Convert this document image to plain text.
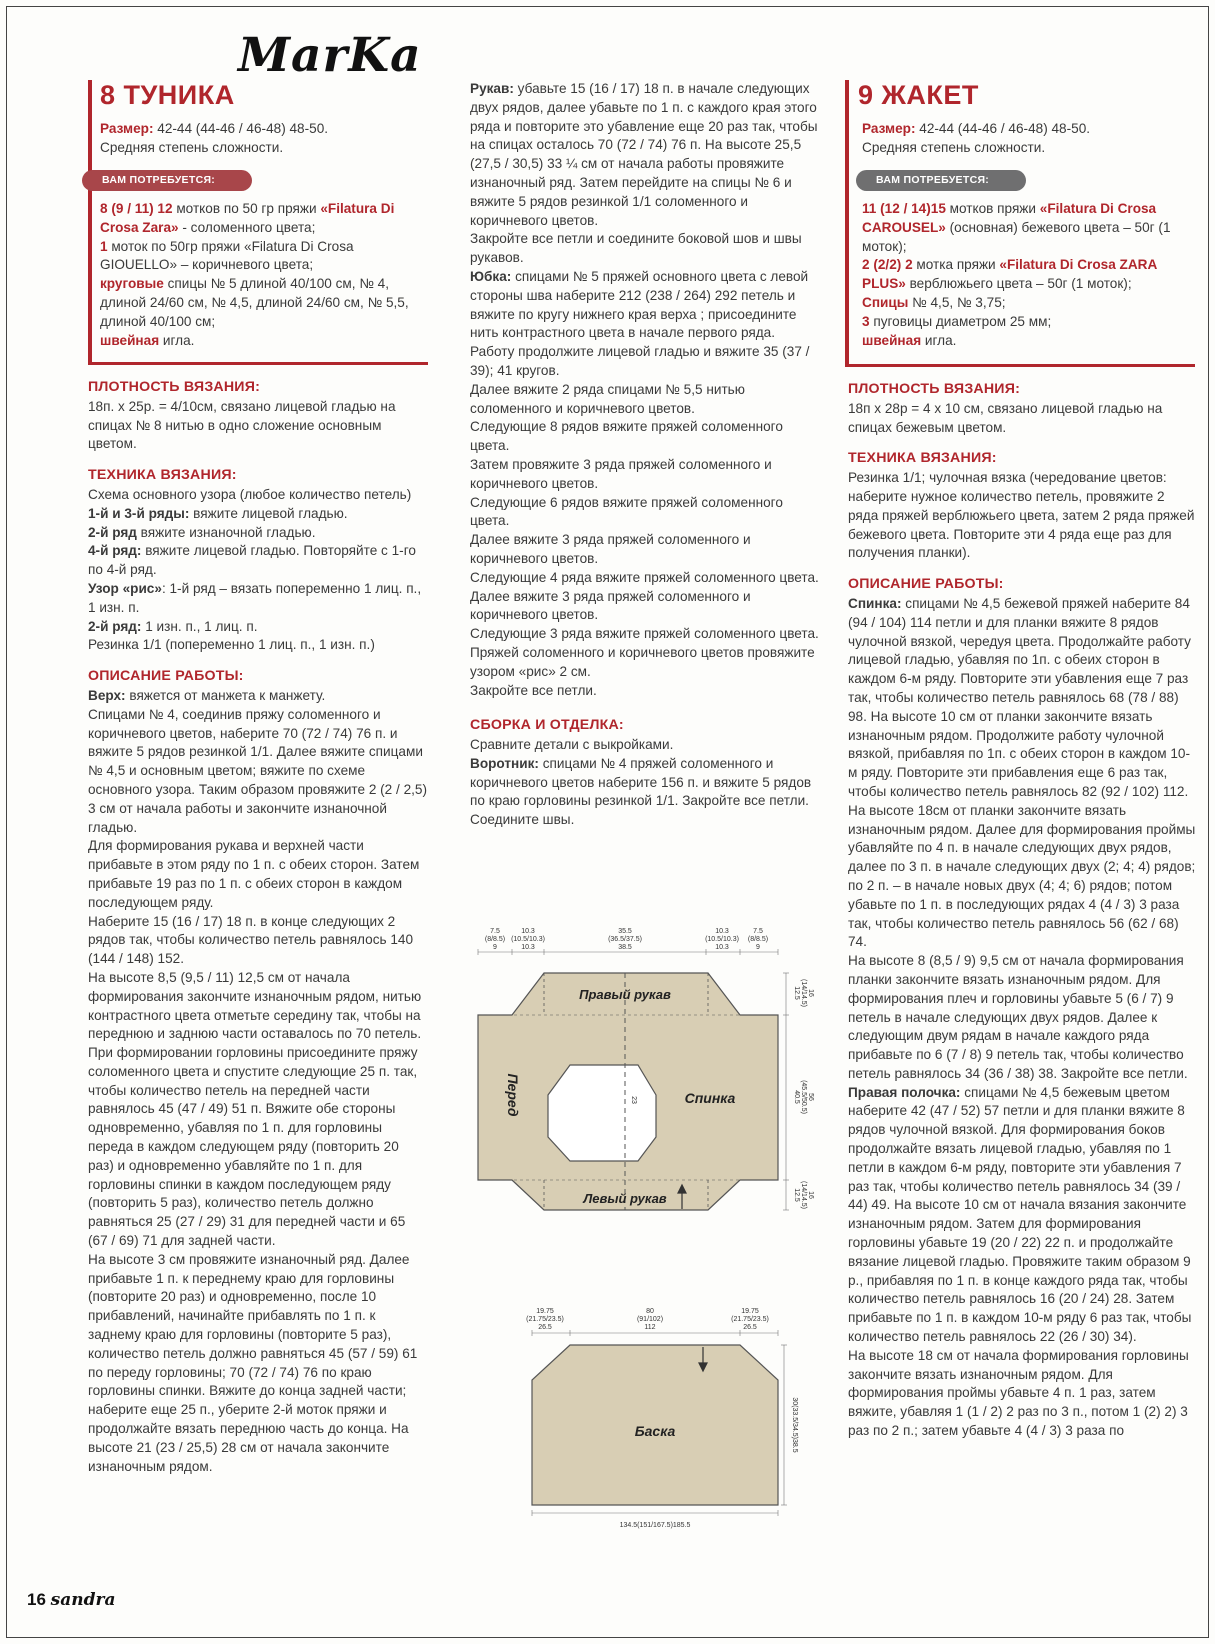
MarKa
8 ТУНИКА

Размер: 42-44 (44-46 / 46-48) 48-50.

Средняя степень сложности.

ВАМ ПОТРЕБУЕТСЯ:

8 (9 / 11) 12 мотков по 50 гр пряжи «Filatura Di Crosa Zara» - соломенного цвета;

1 моток по 50гр пряжи «Filatura Di Crosa GIOUELLO» – коричневого цвета;

круговые спицы № 5 длиной 40/100 см, № 4, длиной 24/60 см, № 4,5, длиной 24/60 см, № 5,5, длиной 40/100 см;

швейная игла.

ПЛОТНОСТЬ ВЯЗАНИЯ:

18п. х 25р. = 4/10см, связано лицевой гладью на спицах № 8 нитью в одно сложение основным цветом.

ТЕХНИКА ВЯЗАНИЯ:

Схема основного узора (любое количество петель)

1-й и 3-й ряды: вяжите лицевой гладью.

2-й ряд вяжите изнаночной гладью.

4-й ряд: вяжите лицевой гладью. Повторяйте с 1-го по 4-й ряд.

Узор «рис»: 1-й ряд – вязать попеременно 1 лиц. п., 1 изн. п.

2-й ряд: 1 изн. п., 1 лиц. п.

Резинка 1/1 (попеременно 1 лиц. п., 1 изн. п.)

ОПИСАНИЕ РАБОТЫ:

Верх: вяжется от манжета к манжету.

Спицами № 4, соединив пряжу соломенного и коричневого цветов, наберите 70 (72 / 74) 76 п. и вяжите 5 рядов резинкой 1/1. Далее вяжите спицами № 4,5 и основным цветом; вяжите по схеме основного узора. Таким образом провяжите 2 (2 / 2,5) 3 см от начала работы и закончите изнаночной гладью.

Для формирования рукава и верхней части прибавьте в этом ряду по 1 п. с обеих сторон. Затем прибавьте 19 раз по 1 п. с обеих сторон в каждом последующем ряду.

Наберите 15 (16 / 17) 18 п. в конце следующих 2 рядов так, чтобы количество петель равнялось 140 (144 / 148) 152.

На высоте 8,5 (9,5 / 11) 12,5 см от начала формирования закончите изнаночным рядом, нитью контрастного цвета отметьте середину так, чтобы на переднюю и заднюю части оставалось по 70 петель.

При формировании горловины присоедините пряжу соломенного цвета и спустите следующие 25 п. так, чтобы количество петель на передней части равнялось 45 (47 / 49) 51 п. Вяжите обе стороны одновременно, убавляя по 1 п. для горловины переда в каждом следующем ряду (повторить 20 раз) и одновременно убавляйте по 1 п. для горловины спинки в каждом последующем ряду (повторить 5 раз), количество петель должно равняться 25 (27 / 29) 31 для передней части и 65 (67 / 69) 71 для задней части.

На высоте 3 см провяжите изнаночный ряд. Далее прибавьте 1 п. к переднему краю для горловины (повторите 20 раз) и одновременно, после 10 прибавлений, начинайте прибавлять по 1 п. к заднему краю для горловины (повторите 5 раз), количество петель должно равняться 45 (57 / 59) 61 по переду горловины; 70 (72 / 74) 76 по краю горловины спинки. Вяжите до конца задней части; наберите еще 25 п., уберите 2-й моток пряжи и продолжайте вязать переднюю часть до конца. На высоте 21 (23 / 25,5) 28 см от начала закончите изнаночным рядом.

Рукав: убавьте 15 (16 / 17) 18 п. в начале следующих двух рядов, далее убавьте по 1 п. с каждого края этого ряда и повторите это убавление еще 20 раз так, чтобы на спицах осталось 70 (72 / 74) 76 п. На высоте 25,5 (27,5 / 30,5) 33 ¼ см от начала работы провяжите изнаночный ряд. Затем перейдите на спицы № 6 и вяжите 5 рядов резинкой 1/1 соломенного и коричневого цветов.

Закройте все петли и соедините боковой шов и швы рукавов.

Юбка: спицами № 5 пряжей основного цвета с левой стороны шва наберите 212 (238 / 264) 292 петель и вяжите по кругу нижнего края верха ; присоедините нить контрастного цвета в начале первого ряда.

Работу продолжите лицевой гладью и вяжите 35 (37 / 39); 41 кругов.

Далее вяжите 2 ряда спицами № 5,5 нитью соломенного и коричневого цветов.

Следующие 8 рядов вяжите пряжей соломенного цвета.

Затем провяжите 3 ряда пряжей соломенного и коричневого цветов.

Следующие 6 рядов вяжите пряжей соломенного цвета.

Далее вяжите 3 ряда пряжей соломенного и коричневого цветов.

Следующие 4 ряда вяжите пряжей соломенного цвета.

Далее вяжите 3 ряда пряжей соломенного и коричневого цветов.

Следующие 3 ряда вяжите пряжей соломенного цвета.

Пряжей соломенного и коричневого цветов провяжите узором «рис» 2 см.

Закройте все петли.

СБОРКА И ОТДЕЛКА:

Сравните детали с выкройками.

Воротник: спицами № 4 пряжей соломенного и коричневого цветов наберите 156 п. и вяжите 5 рядов по краю горловины резинкой 1/1. Закройте все петли. Соедините швы.

7.5
(8/8.5)
9
10.3
(10.5/10.3)
10.3
35.5
(36.5/37.5)
38.5
10.3
(10.5/10.3)
10.3
7.5
(8/8.5)
9
Правый рукав
Левый рукав
Перед	Спинка
23
12.5 (14/14.5) 16
40.5 (45.5/50.5) 56
12.5 (14/14.5) 16
19.75
(21.75/23.5)
26.5
80
(91/102)
112
19.75
(21.75/23.5)
26.5
Баска	30(33.5/34.5)38.5
134.5(151/167.5)185.5
9 ЖАКЕТ

Размер: 42-44 (44-46 / 46-48) 48-50.

Средняя степень сложности.

ВАМ ПОТРЕБУЕТСЯ:

11 (12 / 14)15 мотков пряжи «Filatura Di Crosa CAROUSEL» (основная) бежевого цвета – 50г (1 моток);

2 (2/2) 2 мотка пряжи «Filatura Di Crosa ZARA PLUS» верблюжьего цвета – 50г (1 моток);

Спицы № 4,5, № 3,75;

3 пуговицы диаметром 25 мм;

швейная игла.

ПЛОТНОСТЬ ВЯЗАНИЯ:

18п х 28р = 4 х 10 см, связано лицевой гладью на спицах бежевым цветом.

ТЕХНИКА ВЯЗАНИЯ:

Резинка 1/1; чулочная вязка (чередование цветов: наберите нужное количество петель, провяжите 2 ряда пряжей верблюжьего цвета, затем 2 ряда пряжей бежевого цвета. Повторите эти 4 ряда еще раз для получения планки).

ОПИСАНИЕ РАБОТЫ:

Спинка: спицами № 4,5 бежевой пряжей наберите 84 (94 / 104) 114 петли и для планки вяжите 8 рядов чулочной вязкой, чередуя цвета. Продолжайте работу лицевой гладью, убавляя по 1п. с обеих сторон в каждом 6-м ряду. Повторите эти убавления еще 7 раз так, чтобы количество петель равнялось 68 (78 / 88) 98. На высоте 10 см от планки закончите вязать изнаночным рядом. Продолжите работу чулочной вязкой, прибавляя по 1п. с обеих сторон в каждом 10-м ряду. Повторите эти прибавления еще 6 раз так, чтобы количество петель равнялось 82 (92 / 102) 112. На высоте 18см от планки закончите вязать изнаночным рядом. Далее для формирования проймы убавляйте по 4 п. в начале следующих двух рядов, далее по 3 п. в начале следующих двух (2; 4; 4) рядов; по 2 п. – в начале новых двух (4; 4; 6) рядов; потом убавьте по 1 п. в последующих рядах 4 (4 / 3) 3 раза так, чтобы количество петель равнялось 56 (62 / 68) 74.

На высоте 8 (8,5 / 9) 9,5 см от начала формирования планки закончите вязать изнаночным рядом. Для формирования плеч и горловины убавьте 5 (6 / 7) 9 петель в начале следующих двух рядов. Далее к следующим двум рядам в начале каждого ряда прибавьте по 6 (7 / 8) 9 петель так, чтобы количество петель равнялось 34 (36 / 38) 38. Закройте все петли.

Правая полочка: спицами № 4,5 бежевым цветом наберите 42 (47 / 52) 57 петли и для планки вяжите 8 рядов чулочной вязкой. Для формирования боков продолжайте вязать лицевой гладью, убавляя по 1 петли в каждом 6-м ряду, повторите эти убавления 7 раз так, чтобы количество петель равнялось 34 (39 / 44) 49. На высоте 10 см от начала вязания закончите изнаночным рядом. Затем для формирования горловины убавьте 19 (20 / 22) 22 п. и продолжайте вязание лицевой гладью. Провяжите таким образом 9 р., прибавляя по 1 п. в конце каждого ряда так, чтобы количество петель равнялось 16 (20 / 24) 28. Затем прибавьте по 1 п. в каждом 10-м ряду 6 раз так, чтобы количество петель равнялось 22 (26 / 30) 34).

На высоте 18 см от начала формирования горловины закончите вязать изнаночным рядом. Для формирования проймы убавьте 4 п. 1 раз, затем вяжите, убавляя 1 (1 / 2) 2 раз по 3 п., потом 1 (2) 2) 3 раз по 2 п.; затем убавьте 4 (4 / 3) 3 раза по

16 sandra
